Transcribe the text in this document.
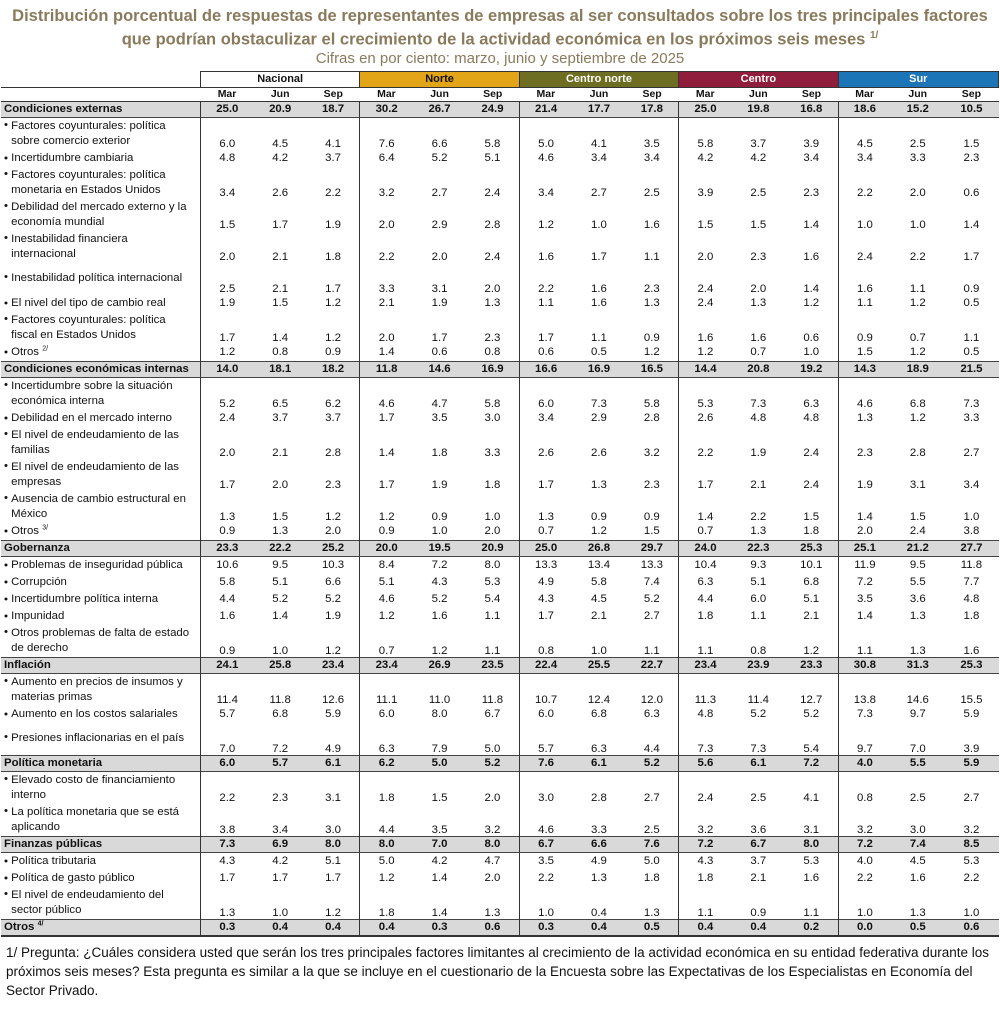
Distribución porcentual de respuestas de representantes de empresas al ser consultados sobre los tres principales factores que podrían obstaculizar el crecimiento de la actividad económica en los próximos seis meses $^{1/}$
Cifras en por ciento: marzo, junio y septiembre de 2025
	Nacional			Norte			Centro norte			Centro			Sur		
	Mar	Jun	Sep	Mar	Jun	Sep	Mar	Jun	Sep	Mar	Jun	Sep	Mar	Jun	Sep
Condiciones externas	25.0	20.9	18.7	30.2	26.7	24.9	21.4	17.7	17.8	25.0	19.8	16.8	18.6	15.2	10.5
• Factores coyunturales: política sobre comercio exterior	6.0	4.5	4.1	7.6	6.6	5.8	5.0	4.1	3.5	5.8	3.7	3.9	4.5	2.5	1.5
• Incertidumbre cambiaria	4.8	4.2	3.7	6.4	5.2	5.1	4.6	3.4	3.4	4.2	4.2	3.4	3.4	3.3	2.3
• Factores coyunturales: política monetaria en Estados Unidos	3.4	2.6	2.2	3.2	2.7	2.4	3.4	2.7	2.5	3.9	2.5	2.3	2.2	2.0	0.6
• Debilidad del mercado externo y la economía mundial	1.5	1.7	1.9	2.0	2.9	2.8	1.2	1.0	1.6	1.5	1.5	1.4	1.0	1.0	1.4
• Inestabilidad financiera internacional	2.0	2.1	1.8	2.2	2.0	2.4	1.6	1.7	1.1	2.0	2.3	1.6	2.4	2.2	1.7
• Inestabilidad política internacional	2.5	2.1	1.7	3.3	3.1	2.0	2.2	1.6	2.3	2.4	2.0	1.4	1.6	1.1	0.9
• El nivel del tipo de cambio real	1.9	1.5	1.2	2.1	1.9	1.3	1.1	1.6	1.3	2.4	1.3	1.2	1.1	1.2	0.5
• Factores coyunturales: política fiscal en Estados Unidos	1.7	1.4	1.2	2.0	1.7	2.3	1.7	1.1	0.9	1.6	1.6	0.6	0.9	0.7	1.1
• Otros $^{2/}$	1.2	0.8	0.9	1.4	0.6	0.8	0.6	0.5	1.2	1.2	0.7	1.0	1.5	1.2	0.5
Condiciones económicas internas	14.0	18.1	18.2	11.8	14.6	16.9	16.6	16.9	16.5	14.4	20.8	19.2	14.3	18.9	21.5
• Incertidumbre sobre la situación económica interna	5.2	6.5	6.2	4.6	4.7	5.8	6.0	7.3	5.8	5.3	7.3	6.3	4.6	6.8	7.3
• Debilidad en el mercado interno	2.4	3.7	3.7	1.7	3.5	3.0	3.4	2.9	2.8	2.6	4.8	4.8	1.3	1.2	3.3
• El nivel de endeudamiento de las familias	2.0	2.1	2.8	1.4	1.8	3.3	2.6	2.6	3.2	2.2	1.9	2.4	2.3	2.8	2.7
• El nivel de endeudamiento de las empresas	1.7	2.0	2.3	1.7	1.9	1.8	1.7	1.3	2.3	1.7	2.1	2.4	1.9	3.1	3.4
• Ausencia de cambio estructural en México	1.3	1.5	1.2	1.2	0.9	1.0	1.3	0.9	0.9	1.4	2.2	1.5	1.4	1.5	1.0
• Otros $^{3/}$	0.9	1.3	2.0	0.9	1.0	2.0	0.7	1.2	1.5	0.7	1.3	1.8	2.0	2.4	3.8
Gobernanza	23.3	22.2	25.2	20.0	19.5	20.9	25.0	26.8	29.7	24.0	22.3	25.3	25.1	21.2	27.7
• Problemas de inseguridad pública	10.6	9.5	10.3	8.4	7.2	8.0	13.3	13.4	13.3	10.4	9.3	10.1	11.9	9.5	11.8
• Corrupción	5.8	5.1	6.6	5.1	4.3	5.3	4.9	5.8	7.4	6.3	5.1	6.8	7.2	5.5	7.7
• Incertidumbre política interna	4.4	5.2	5.2	4.6	5.2	5.4	4.3	4.5	5.2	4.4	6.0	5.1	3.5	3.6	4.8
• Impunidad	1.6	1.4	1.9	1.2	1.6	1.1	1.7	2.1	2.7	1.8	1.1	2.1	1.4	1.3	1.8
• Otros problemas de falta de estado de derecho	0.9	1.0	1.2	0.7	1.2	1.1	0.8	1.0	1.1	1.1	0.8	1.2	1.1	1.3	1.6
Inflación	24.1	25.8	23.4	23.4	26.9	23.5	22.4	25.5	22.7	23.4	23.9	23.3	30.8	31.3	25.3
• Aumento en precios de insumos y materias primas	11.4	11.8	12.6	11.1	11.0	11.8	10.7	12.4	12.0	11.3	11.4	12.7	13.8	14.6	15.5
• Aumento en los costos salariales	5.7	6.8	5.9	6.0	8.0	6.7	6.0	6.8	6.3	4.8	5.2	5.2	7.3	9.7	5.9
• Presiones inflacionarias en el país	7.0	7.2	4.9	6.3	7.9	5.0	5.7	6.3	4.4	7.3	7.3	5.4	9.7	7.0	3.9
Política monetaria	6.0	5.7	6.1	6.2	5.0	5.2	7.6	6.1	5.2	5.6	6.1	7.2	4.0	5.5	5.9
• Elevado costo de financiamiento interno	2.2	2.3	3.1	1.8	1.5	2.0	3.0	2.8	2.7	2.4	2.5	4.1	0.8	2.5	2.7
• La política monetaria que se está aplicando	3.8	3.4	3.0	4.4	3.5	3.2	4.6	3.3	2.5	3.2	3.6	3.1	3.2	3.0	3.2
Finanzas públicas	7.3	6.9	8.0	8.0	7.0	8.0	6.7	6.6	7.6	7.2	6.7	8.0	7.2	7.4	8.5
• Política tributaria	4.3	4.2	5.1	5.0	4.2	4.7	3.5	4.9	5.0	4.3	3.7	5.3	4.0	4.5	5.3
• Política de gasto público	1.7	1.7	1.7	1.2	1.4	2.0	2.2	1.3	1.8	1.8	2.1	1.6	2.2	1.6	2.2
• El nivel de endeudamiento del sector público	1.3	1.0	1.2	1.8	1.4	1.3	1.0	0.4	1.3	1.1	0.9	1.1	1.0	1.3	1.0
Otros $^{4/}$	0.3	0.4	0.4	0.4	0.3	0.6	0.3	0.4	0.5	0.4	0.4	0.2	0.0	0.5	0.6
1/ Pregunta: ¿Cuáles considera usted que serán los tres principales factores limitantes al crecimiento de la actividad económica en su entidad federativa durante los próximos seis meses? Esta pregunta es similar a la que se incluye en el cuestionario de la Encuesta sobre las Expectativas de los Especialistas en Economía del Sector Privado.
